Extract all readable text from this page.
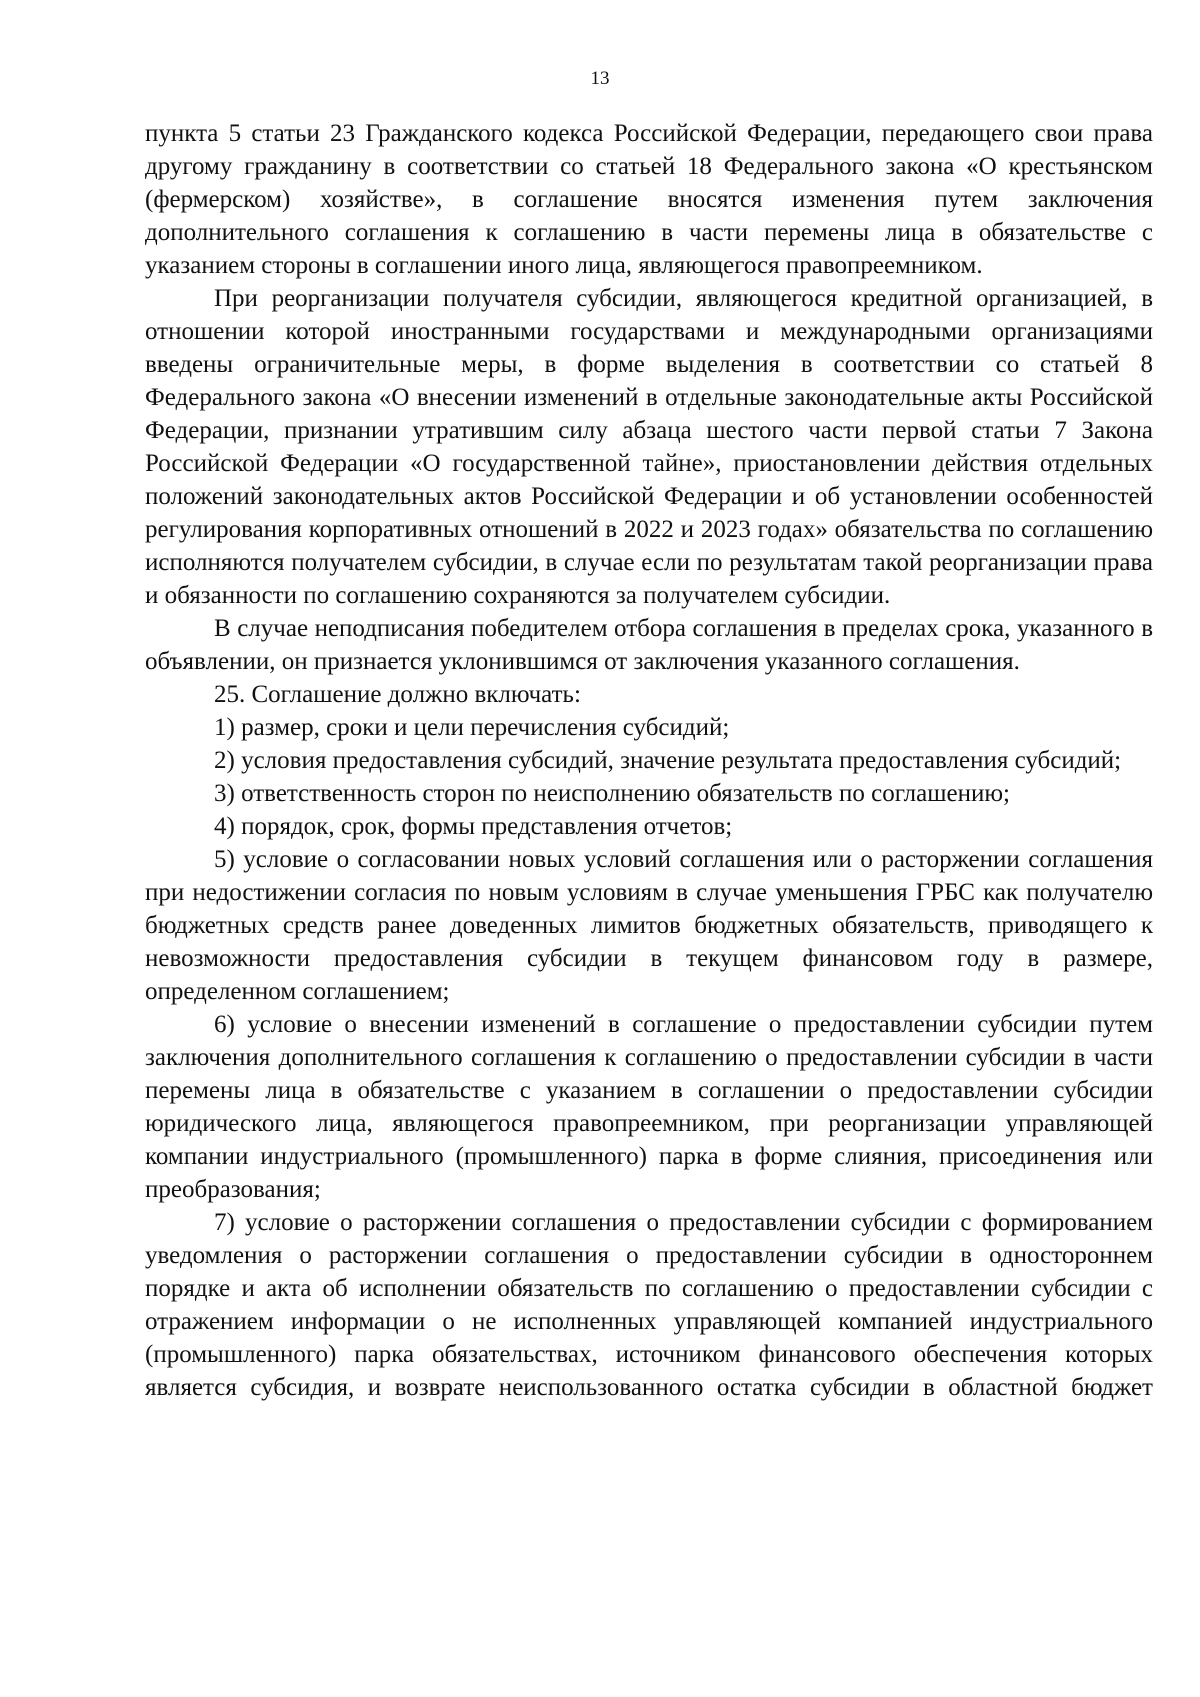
13

пункта 5 статьи 23 Гражданского кодекса Российской Федерации, передающего свои права другому гражданину в соответствии со статьей 18 Федерального закона «О крестьянском (фермерском) хозяйстве», в соглашение вносятся изменения путем заключения дополнительного соглашения к соглашению в части перемены лица в обязательстве с указанием стороны в соглашении иного лица, являющегося правопреемником.

При реорганизации получателя субсидии, являющегося кредитной организацией, в отношении которой иностранными государствами и международными организациями введены ограничительные меры, в форме выделения в соответствии со статьей 8 Федерального закона «О внесении изменений в отдельные законодательные акты Российской Федерации, признании утратившим силу абзаца шестого части первой статьи 7 Закона Российской Федерации «О государственной тайне», приостановлении действия отдельных положений законодательных актов Российской Федерации и об установлении особенностей регулирования корпоративных отношений в 2022 и 2023 годах» обязательства по соглашению исполняются получателем субсидии, в случае если по результатам такой реорганизации права и обязанности по соглашению сохраняются за получателем субсидии.

В случае неподписания победителем отбора соглашения в пределах срока, указанного в объявлении, он признается уклонившимся от заключения указанного соглашения.

25. Соглашение должно включать:

1) размер, сроки и цели перечисления субсидий;

2) условия предоставления субсидий, значение результата предоставления субсидий;

3) ответственность сторон по неисполнению обязательств по соглашению;

4) порядок, срок, формы представления отчетов;

5) условие о согласовании новых условий соглашения или о расторжении соглашения при недостижении согласия по новым условиям в случае уменьшения ГРБС как получателю бюджетных средств ранее доведенных лимитов бюджетных обязательств, приводящего к невозможности предоставления субсидии в текущем финансовом году в размере, определенном соглашением;

6) условие о внесении изменений в соглашение о предоставлении субсидии путем заключения дополнительного соглашения к соглашению о предоставлении субсидии в части перемены лица в обязательстве с указанием в соглашении о предоставлении субсидии юридического лица, являющегося правопреемником, при реорганизации управляющей компании индустриального (промышленного) парка в форме слияния, присоединения или преобразования;

7) условие о расторжении соглашения о предоставлении субсидии с формированием уведомления о расторжении соглашения о предоставлении субсидии в одностороннем порядке и акта об исполнении обязательств по соглашению о предоставлении субсидии с отражением информации о не исполненных управляющей компанией индустриального (промышленного) парка обязательствах, источником финансового обеспечения которых является субсидия, и возврате неиспользованного остатка субсидии в областной бюджет
